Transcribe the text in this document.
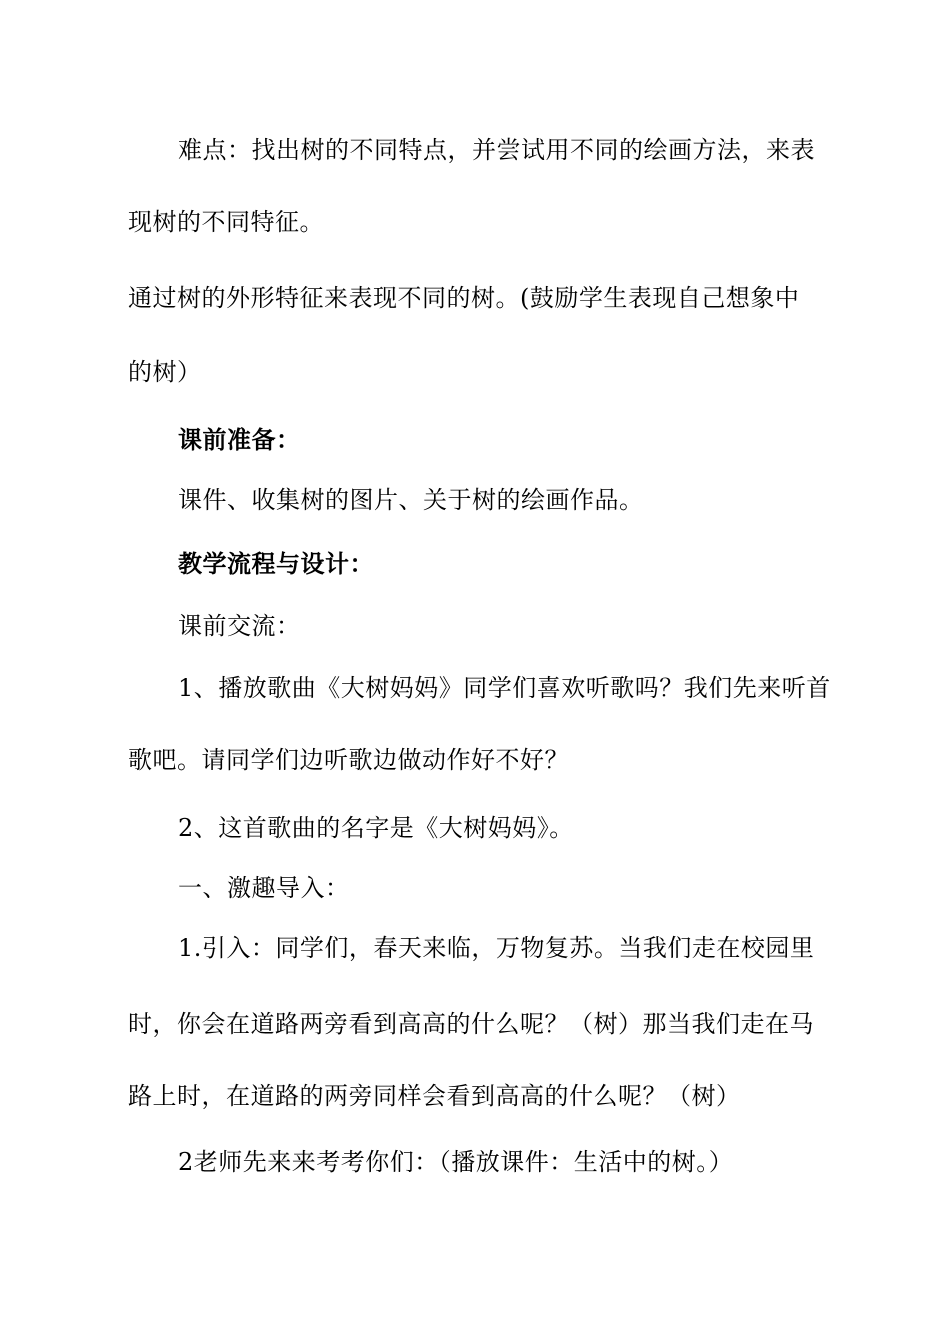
难点：找出树的不同特点，并尝试用不同的绘画方法，来表
现树的不同特征。
通过树的外形特征来表现不同的树。(鼓励学生表现自己想象中
的树）
课前准备：
课件、收集树的图片、关于树的绘画作品。
教学流程与设计：
课前交流：
1、播放歌曲《大树妈妈》同学们喜欢听歌吗？我们先来听首
歌吧。请同学们边听歌边做动作好不好？
2、这首歌曲的名字是《大树妈妈》。
一、激趣导入：
1.引入：同学们，春天来临，万物复苏。当我们走在校园里
时，你会在道路两旁看到高高的什么呢？（树）那当我们走在马
路上时，在道路的两旁同样会看到高高的什么呢？（树）
2老师先来来考考你们：（播放课件：生活中的树。）
